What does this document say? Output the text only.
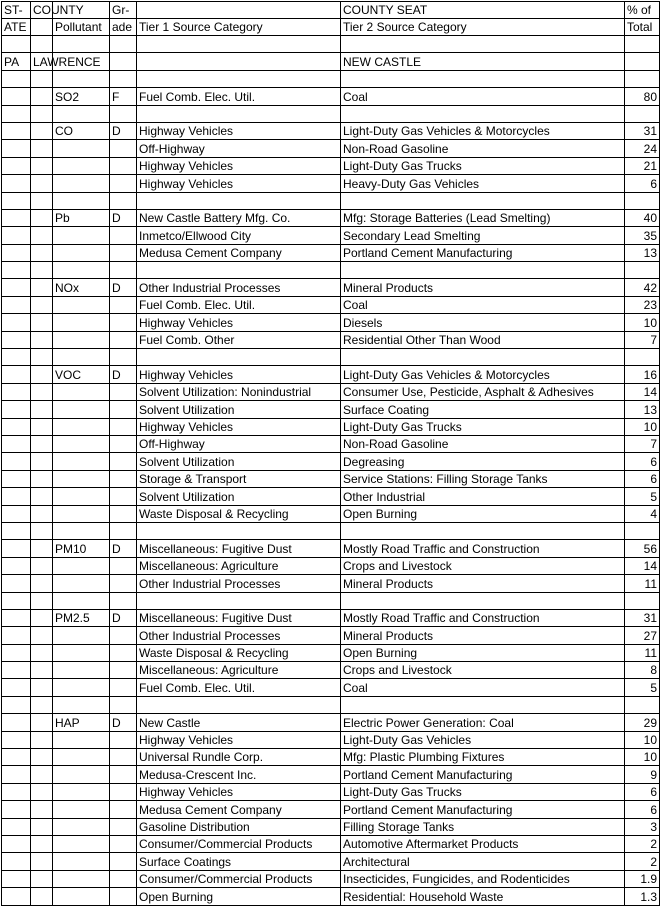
ST-	COUNTY		Gr-		COUNTY SEAT	% of
ATE		Pollutant	ade	Tier 1 Source Category	Tier 2 Source Category	Total

PA	LAWRENCE				NEW CASTLE	

		SO2	F	Fuel Comb. Elec. Util.	Coal	80

		CO	D	Highway Vehicles	Light-Duty Gas Vehicles & Motorcycles	31
				Off-Highway	Non-Road Gasoline	24
				Highway Vehicles	Light-Duty Gas Trucks	21
				Highway Vehicles	Heavy-Duty Gas Vehicles	6

		Pb	D	New Castle Battery Mfg. Co.	Mfg: Storage Batteries (Lead Smelting)	40
				Inmetco/Ellwood City	Secondary Lead Smelting	35
				Medusa Cement Company	Portland Cement Manufacturing	13

		NOx	D	Other Industrial Processes	Mineral Products	42
				Fuel Comb. Elec. Util.	Coal	23
				Highway Vehicles	Diesels	10
				Fuel Comb. Other	Residential Other Than Wood	7

		VOC	D	Highway Vehicles	Light-Duty Gas Vehicles & Motorcycles	16
				Solvent Utilization: Nonindustrial	Consumer Use, Pesticide, Asphalt & Adhesives	14
				Solvent Utilization	Surface Coating	13
				Highway Vehicles	Light-Duty Gas Trucks	10
				Off-Highway	Non-Road Gasoline	7
				Solvent Utilization	Degreasing	6
				Storage & Transport	Service Stations: Filling Storage Tanks	6
				Solvent Utilization	Other Industrial	5
				Waste Disposal & Recycling	Open Burning	4

		PM10	D	Miscellaneous: Fugitive Dust	Mostly Road Traffic and Construction	56
				Miscellaneous: Agriculture	Crops and Livestock	14
				Other Industrial Processes	Mineral Products	11

		PM2.5	D	Miscellaneous: Fugitive Dust	Mostly Road Traffic and Construction	31
				Other Industrial Processes	Mineral Products	27
				Waste Disposal & Recycling	Open Burning	11
				Miscellaneous: Agriculture	Crops and Livestock	8
				Fuel Comb. Elec. Util.	Coal	5

		HAP	D	New Castle	Electric Power Generation: Coal	29
				Highway Vehicles	Light-Duty Gas Vehicles	10
				Universal Rundle Corp.	Mfg: Plastic Plumbing Fixtures	10
				Medusa-Crescent Inc.	Portland Cement Manufacturing	9
				Highway Vehicles	Light-Duty Gas Trucks	6
				Medusa Cement Company	Portland Cement Manufacturing	6
				Gasoline Distribution	Filling Storage Tanks	3
				Consumer/Commercial Products	Automotive Aftermarket Products	2
				Surface Coatings	Architectural	2
				Consumer/Commercial Products	Insecticides, Fungicides, and Rodenticides	1.9
				Open Burning	Residential: Household Waste	1.3
